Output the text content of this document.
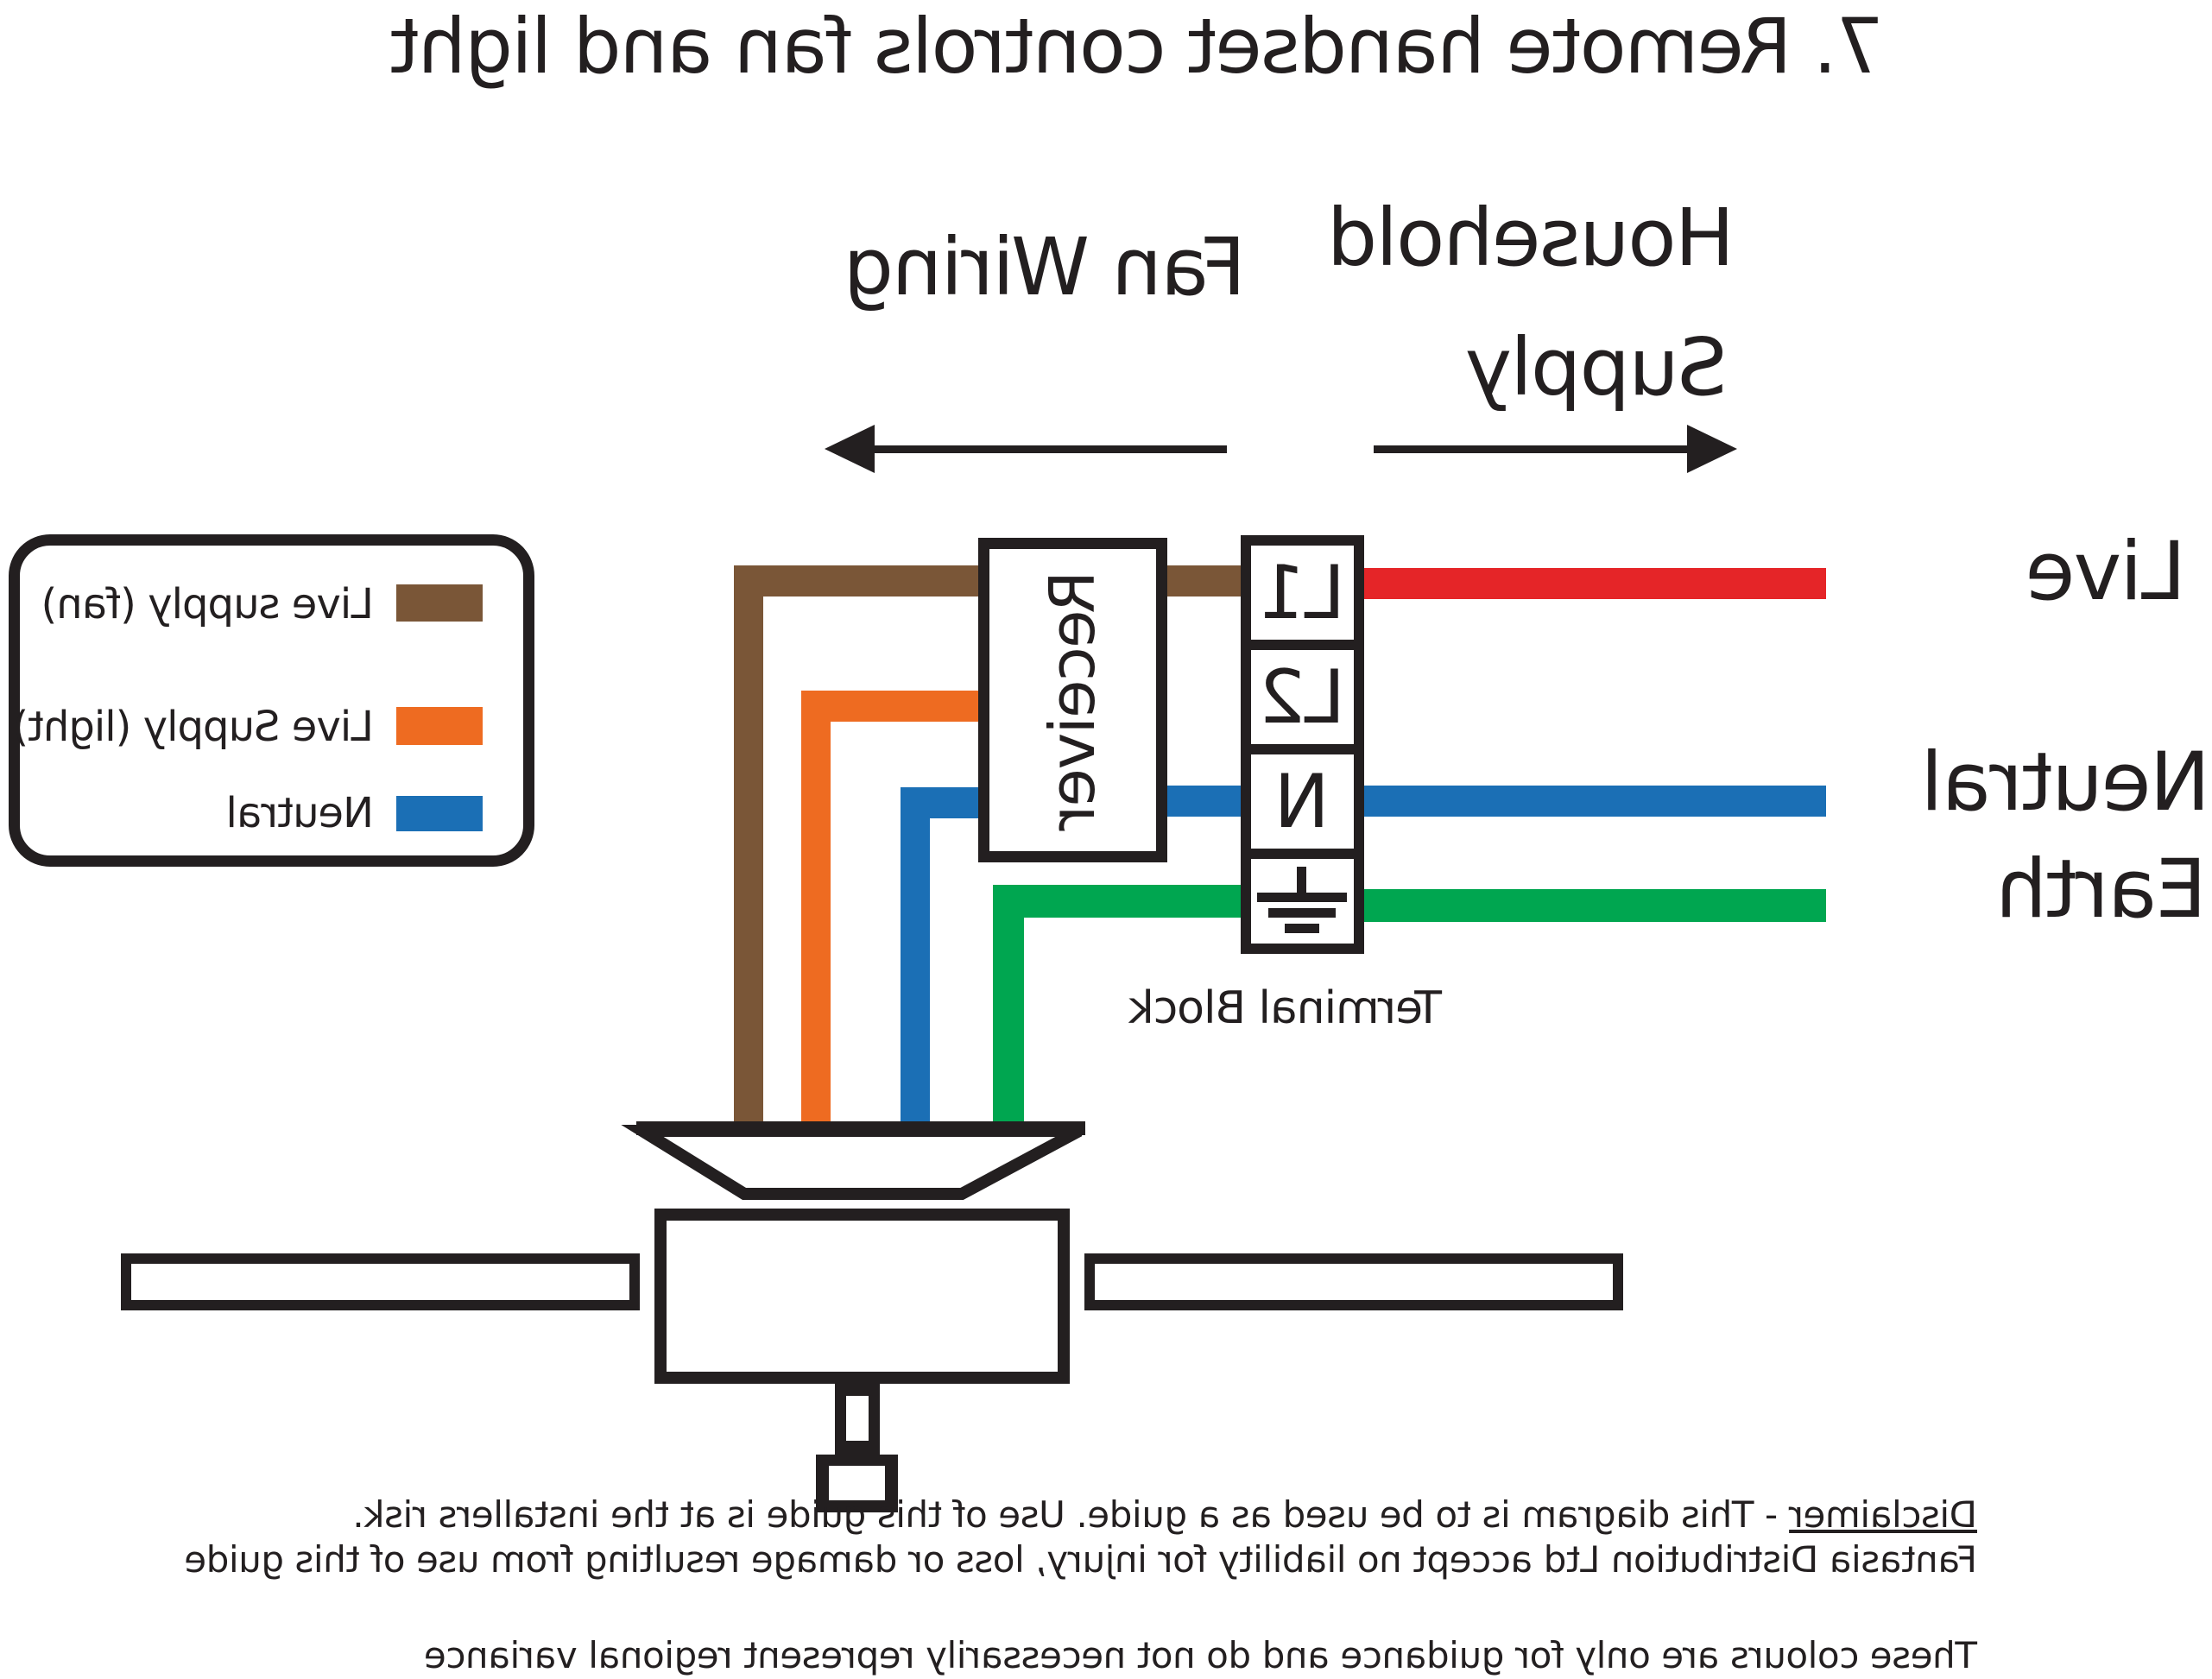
7. Remote handset controls fan and light
Household
Supply
Fan Wiring
Receiver L1
L2
N
Terminal Block
Live
Neutral
Earth
Live supply (fan)
Live Supply (light)
Neutral
Disclaimer - This diagram is to be used as a guide. Use of this guide is at the installers risk.
Fantasia Distribution Ltd accept no liability for injury, loss or damage resulting from use of this guide
These colours are only for guidance and do not necessarily represent regional variance
